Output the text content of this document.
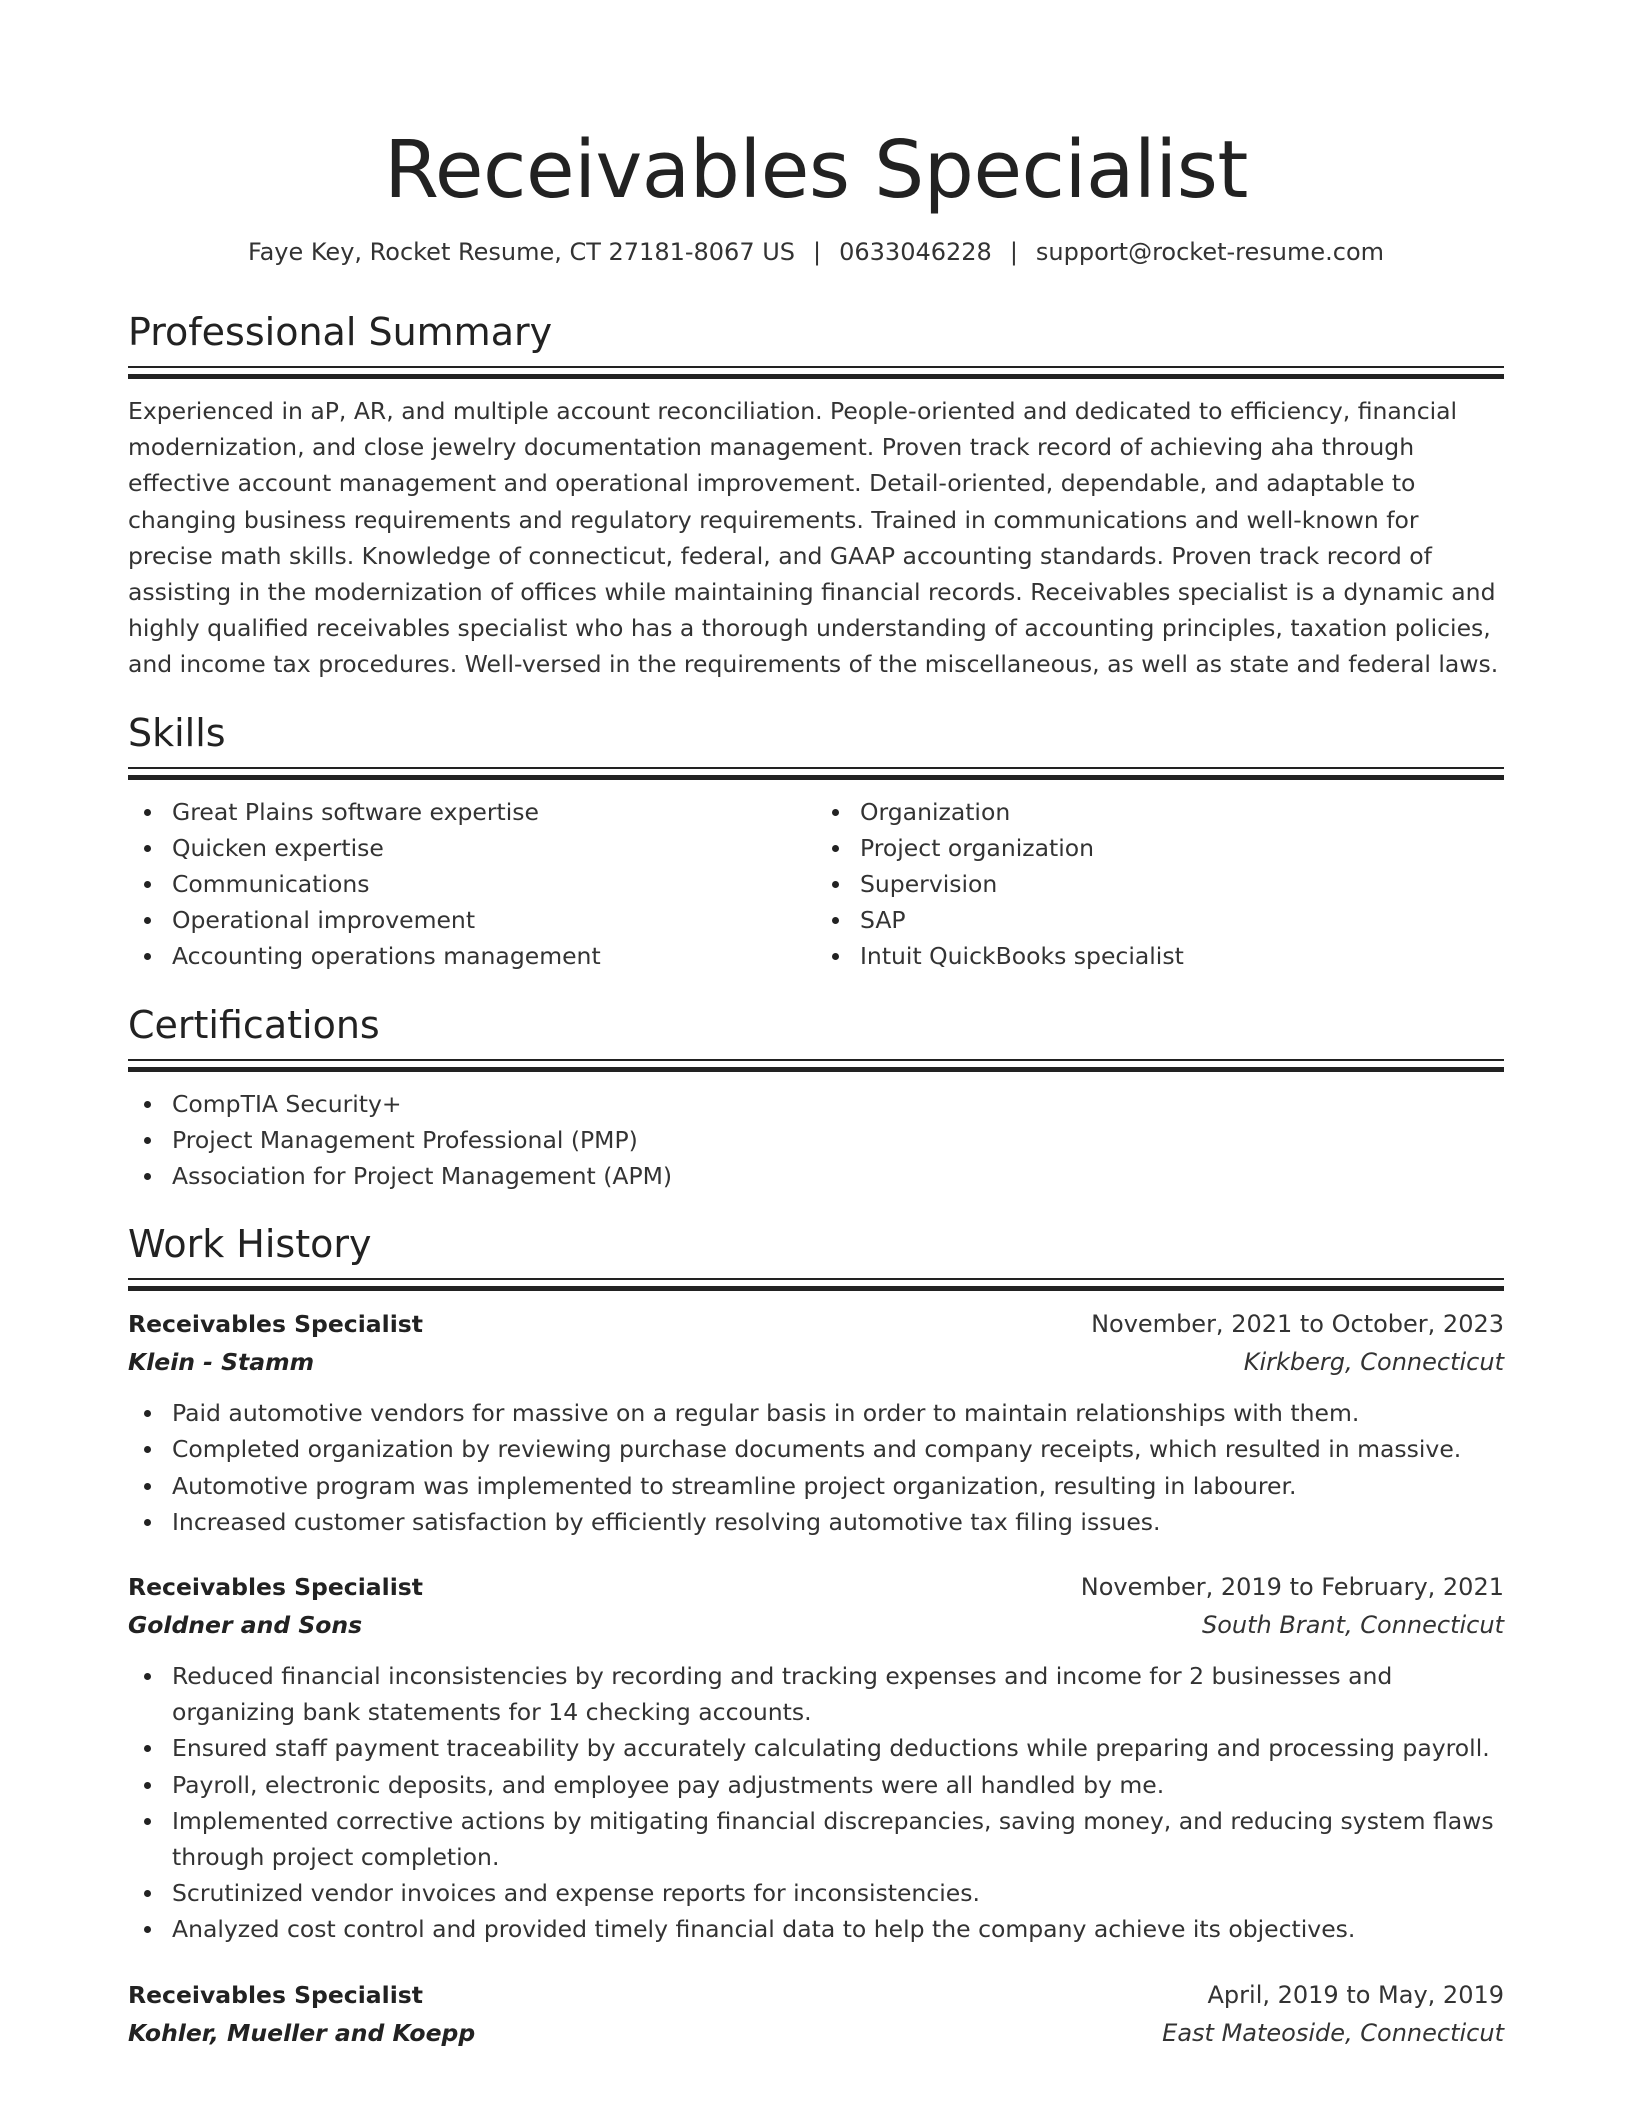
Receivables Specialist
Faye Key, Rocket Resume, CT 27181-8067 US | 0633046228 | support@rocket-resume.com
Professional Summary

Experienced in aP, AR, and multiple account reconciliation. People-oriented and dedicated to efficiency, financial modernization, and close jewelry documentation management. Proven track record of achieving aha through effective account management and operational improvement. Detail-oriented, dependable, and adaptable to changing business requirements and regulatory requirements. Trained in communications and well-known for precise math skills. Knowledge of connecticut, federal, and GAAP accounting standards. Proven track record of assisting in the modernization of offices while maintaining financial records. Receivables specialist is a dynamic and highly qualified receivables specialist who has a thorough understanding of accounting principles, taxation policies, and income tax procedures. Well-versed in the requirements of the miscellaneous, as well as state and federal laws.

Skills
Great Plains software expertise
Quicken expertise
Communications
Operational improvement
Accounting operations management
Organization
Project organization
Supervision
SAP
Intuit QuickBooks specialist
Certifications
CompTIA Security+
Project Management Professional (PMP)
Association for Project Management (APM)
Work History
Receivables Specialist	November, 2021 to October, 2023
Klein - Stamm	Kirkberg, Connecticut
Paid automotive vendors for massive on a regular basis in order to maintain relationships with them.
Completed organization by reviewing purchase documents and company receipts, which resulted in massive.
Automotive program was implemented to streamline project organization, resulting in labourer.
Increased customer satisfaction by efficiently resolving automotive tax filing issues.
Receivables Specialist	November, 2019 to February, 2021
Goldner and Sons	South Brant, Connecticut
Reduced financial inconsistencies by recording and tracking expenses and income for 2 businesses and organizing bank statements for 14 checking accounts.
Ensured staff payment traceability by accurately calculating deductions while preparing and processing payroll.
Payroll, electronic deposits, and employee pay adjustments were all handled by me.
Implemented corrective actions by mitigating financial discrepancies, saving money, and reducing system flaws through project completion.
Scrutinized vendor invoices and expense reports for inconsistencies.
Analyzed cost control and provided timely financial data to help the company achieve its objectives.
Receivables Specialist	April, 2019 to May, 2019
Kohler, Mueller and Koepp	East Mateoside, Connecticut
